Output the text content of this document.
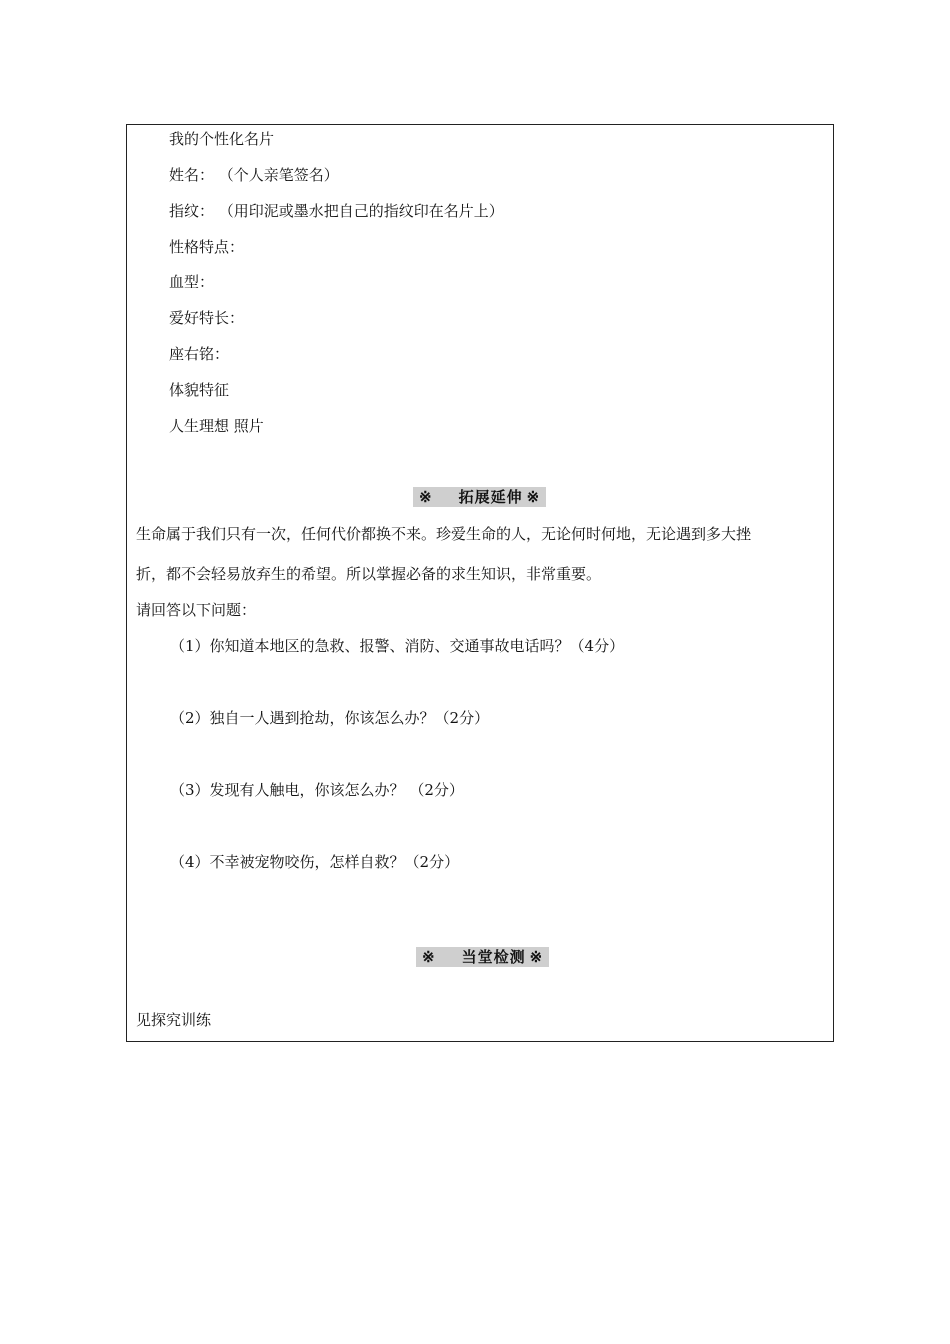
我的个性化名片
姓名： （个人亲笔签名）
指纹： （用印泥或墨水把自己的指纹印在名片上）
性格特点：
血型：
爱好特长：
座右铭：
体貌特征
人生理想 照片
※ 拓展延伸 ※
生命属于我们只有一次，任何代价都换不来。珍爱生命的人，无论何时何地，无论遇到多大挫
折，都不会轻易放弃生的希望。所以掌握必备的求生知识，非常重要。
请回答以下问题：
（1）你知道本地区的急救、报警、消防、交通事故电话吗？（4分）
（2）独自一人遇到抢劫，你该怎么办？（2分）
（3）发现有人触电，你该怎么办？ （2分）
（4）不幸被宠物咬伤，怎样自救？（2分）
※ 当堂检测 ※
见探究训练
